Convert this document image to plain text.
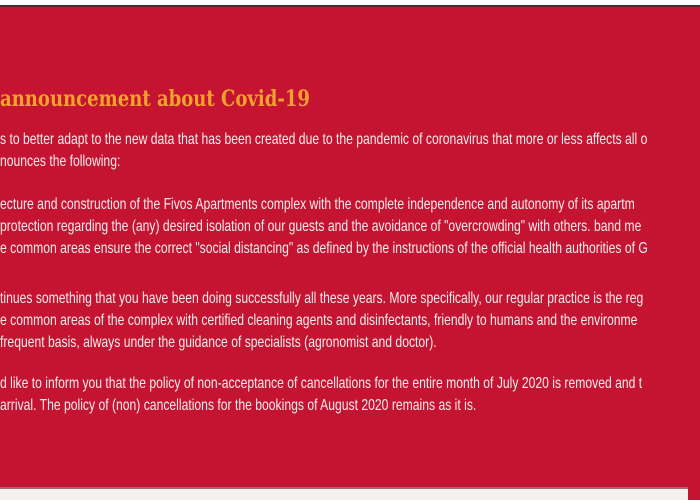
announcement about Covid-19
s to better adapt to the new data that has been created due to the pandemic of coronavirus that more or less affects all o
nounces the following:
ecture and construction of the Fivos Apartments complex with the complete independence and autonomy of its apartm
protection regarding the (any) desired isolation of our guests and the avoidance of "overcrowding" with others. band me
e common areas ensure the correct "social distancing" as defined by the instructions of the official health authorities of G
tinues something that you have been doing successfully all these years. More specifically, our regular practice is the reg
e common areas of the complex with certified cleaning agents and disinfectants, friendly to humans and the environme
frequent basis, always under the guidance of specialists (agronomist and doctor).
d like to inform you that the policy of non-acceptance of cancellations for the entire month of July 2020 is removed and t
arrival. The policy of (non) cancellations for the bookings of August 2020 remains as it is.
